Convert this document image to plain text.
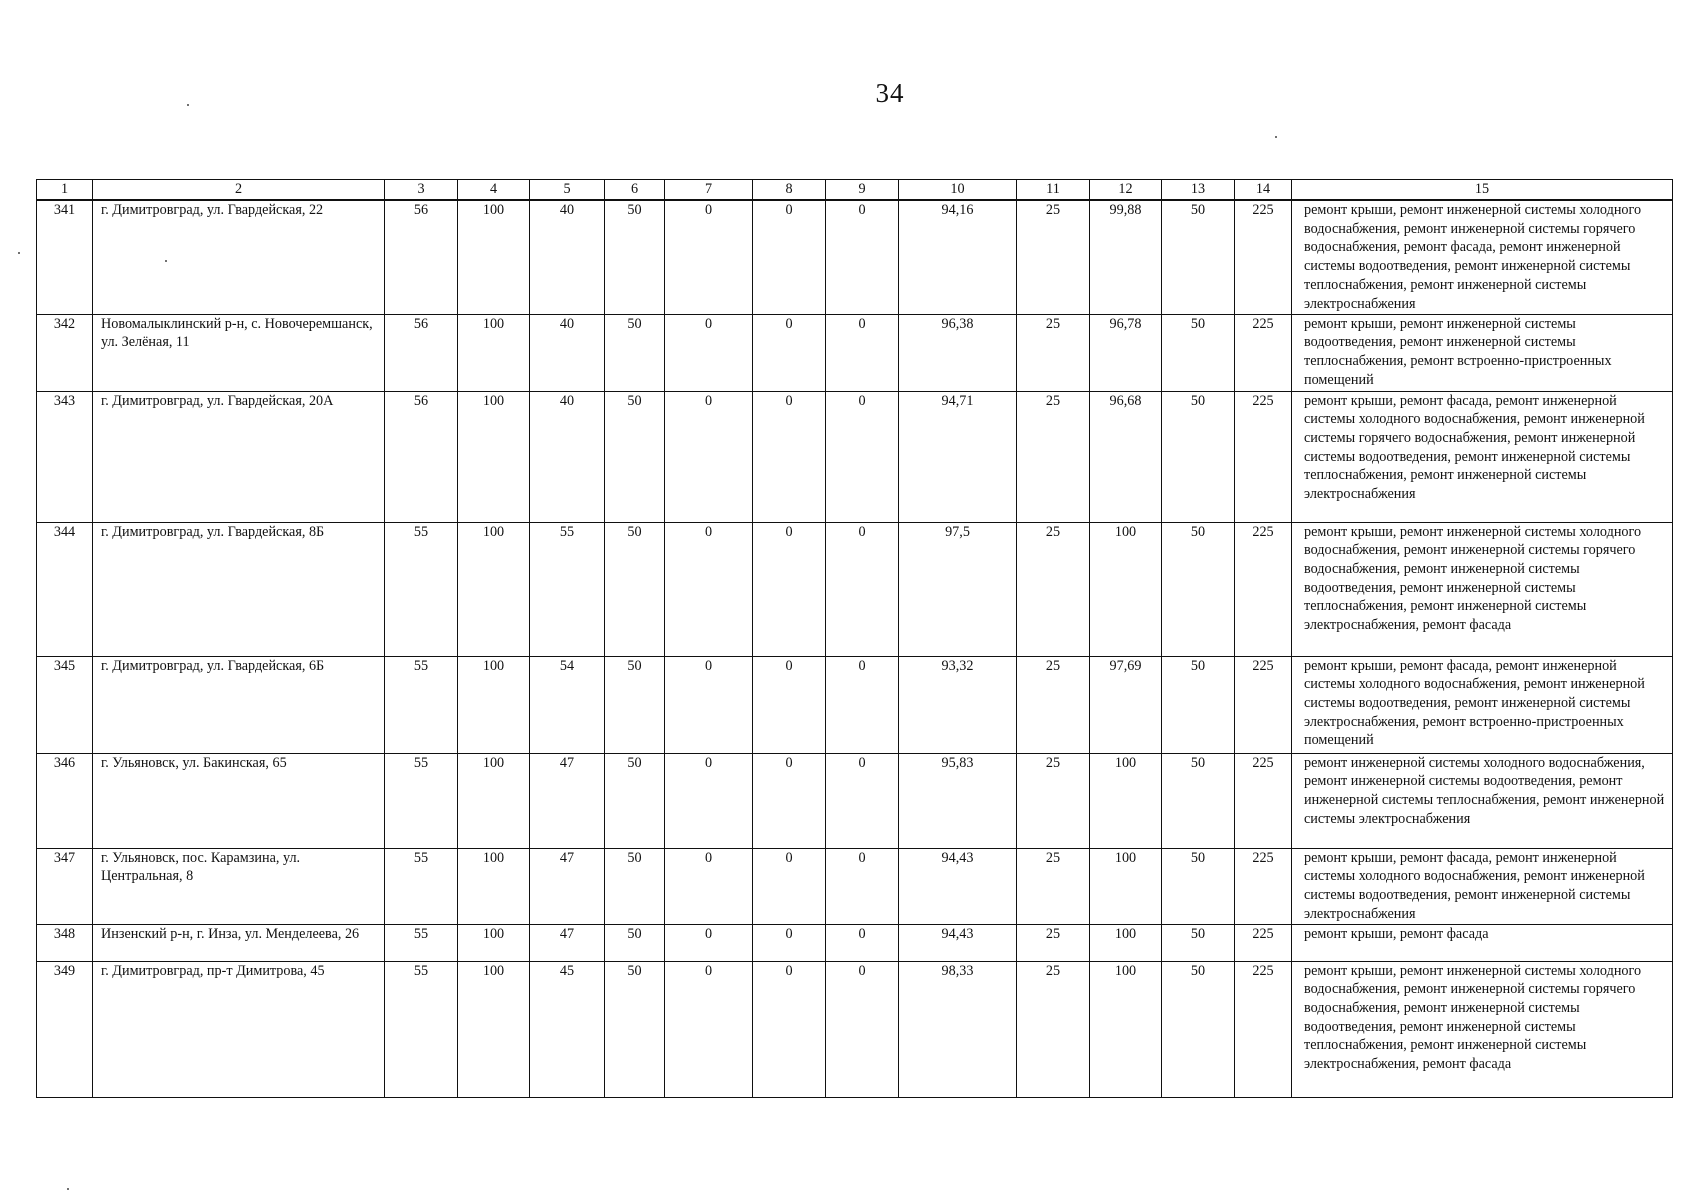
34
1	2	3	4	5	6	7	8	9	10	11	12	13	14	15
341	г. Димитровград, ул. Гвардейская, 22	56	100	40	50	0	0	0	94,16	25	99,88	50	225	ремонт крыши, ремонт инженерной системы холодного водоснабжения, ремонт инженерной системы горячего водоснабжения, ремонт фасада, ремонт инженерной системы водоотведения, ремонт инженерной системы теплоснабжения, ремонт инженерной системы электроснабжения
342	Новомалыклинский р-н, с. Новочеремшанск, ул. Зелёная, 11	56	100	40	50	0	0	0	96,38	25	96,78	50	225	ремонт крыши, ремонт инженерной системы водоотведения, ремонт инженерной системы теплоснабжения, ремонт встроенно-пристроенных помещений
343	г. Димитровград, ул. Гвардейская, 20А	56	100	40	50	0	0	0	94,71	25	96,68	50	225	ремонт крыши, ремонт фасада, ремонт инженерной системы холодного водоснабжения, ремонт инженерной системы горячего водоснабжения, ремонт инженерной системы водоотведения, ремонт инженерной системы теплоснабжения, ремонт инженерной системы электроснабжения
344	г. Димитровград, ул. Гвардейская, 8Б	55	100	55	50	0	0	0	97,5	25	100	50	225	ремонт крыши, ремонт инженерной системы холодного водоснабжения, ремонт инженерной системы горячего водоснабжения, ремонт инженерной системы водоотведения, ремонт инженерной системы теплоснабжения, ремонт инженерной системы электроснабжения, ремонт фасада
345	г. Димитровград, ул. Гвардейская, 6Б	55	100	54	50	0	0	0	93,32	25	97,69	50	225	ремонт крыши, ремонт фасада, ремонт инженерной системы холодного водоснабжения, ремонт инженерной системы водоотведения, ремонт инженерной системы электроснабжения, ремонт встроенно-пристроенных помещений
346	г. Ульяновск, ул. Бакинская, 65	55	100	47	50	0	0	0	95,83	25	100	50	225	ремонт инженерной системы холодного водоснабжения, ремонт инженерной системы водоотведения, ремонт инженерной системы теплоснабжения, ремонт инженерной системы электроснабжения
347	г. Ульяновск, пос. Карамзина, ул. Центральная, 8	55	100	47	50	0	0	0	94,43	25	100	50	225	ремонт крыши, ремонт фасада, ремонт инженерной системы холодного водоснабжения, ремонт инженерной системы водоотведения, ремонт инженерной системы электроснабжения
348	Инзенский р-н, г. Инза, ул. Менделеева, 26	55	100	47	50	0	0	0	94,43	25	100	50	225	ремонт крыши, ремонт фасада
349	г. Димитровград, пр-т Димитрова, 45	55	100	45	50	0	0	0	98,33	25	100	50	225	ремонт крыши, ремонт инженерной системы холодного водоснабжения, ремонт инженерной системы горячего водоснабжения, ремонт инженерной системы водоотведения, ремонт инженерной системы теплоснабжения, ремонт инженерной системы электроснабжения, ремонт фасада
